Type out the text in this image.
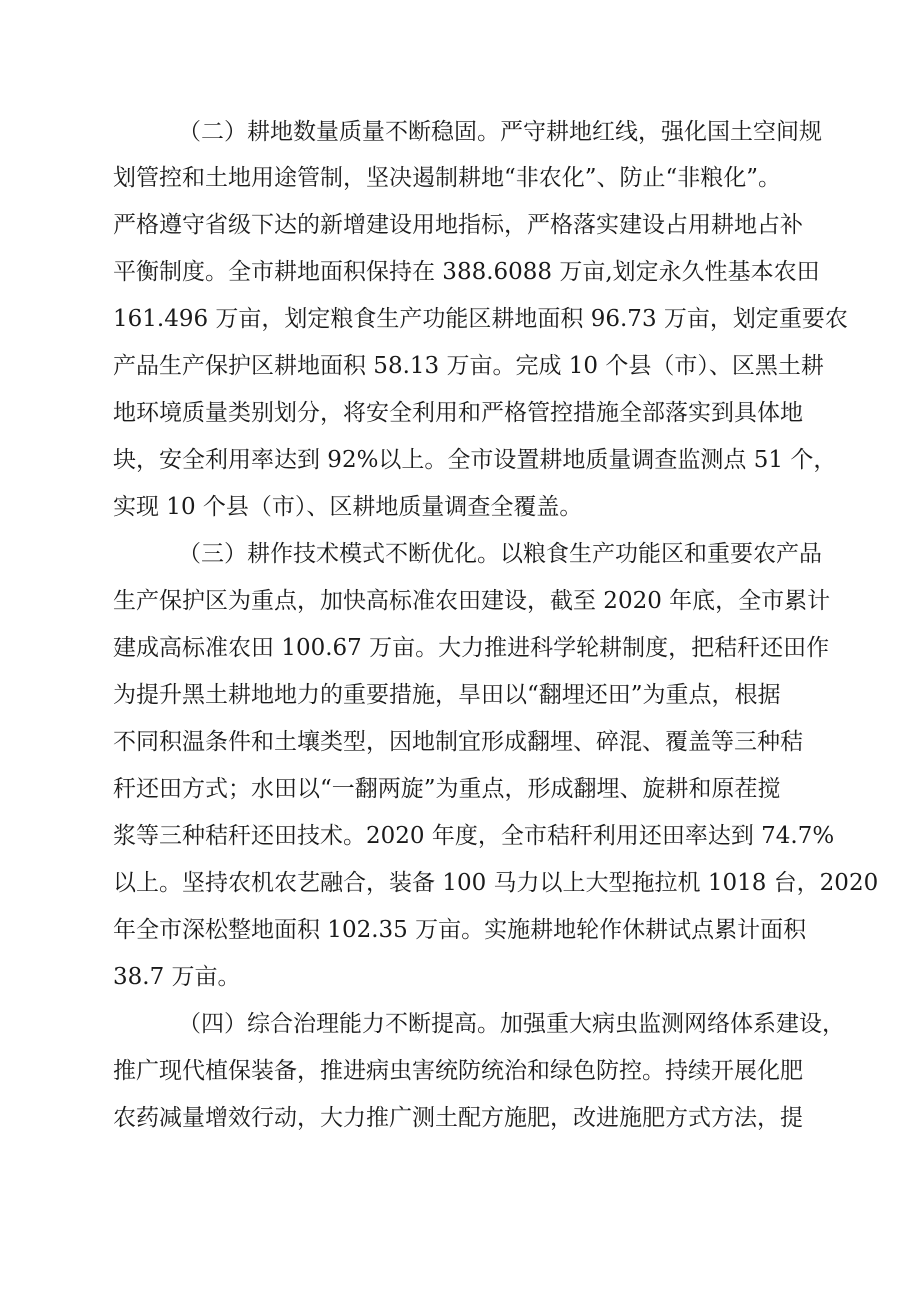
（二）耕地数量质量不断稳固。严守耕地红线，强化国土空间规

划管控和土地用途管制，坚决遏制耕地“非农化”、防止“非粮化”。

严格遵守省级下达的新增建设用地指标，严格落实建设占用耕地占补

平衡制度。全市耕地面积保持在 388.6088 万亩,划定永久性基本农田

161.496 万亩，划定粮食生产功能区耕地面积 96.73 万亩，划定重要农

产品生产保护区耕地面积 58.13 万亩。完成 10 个县（市）、区黑土耕

地环境质量类别划分，将安全利用和严格管控措施全部落实到具体地

块，安全利用率达到 92%以上。全市设置耕地质量调查监测点 51 个，

实现 10 个县（市）、区耕地质量调查全覆盖。

（三）耕作技术模式不断优化。以粮食生产功能区和重要农产品

生产保护区为重点，加快高标准农田建设，截至 2020 年底，全市累计

建成高标准农田 100.67 万亩。大力推进科学轮耕制度，把秸秆还田作

为提升黑土耕地地力的重要措施，旱田以“翻埋还田”为重点，根据

不同积温条件和土壤类型，因地制宜形成翻埋、碎混、覆盖等三种秸

秆还田方式；水田以“一翻两旋”为重点，形成翻埋、旋耕和原茬搅

浆等三种秸秆还田技术。2020 年度，全市秸秆利用还田率达到 74.7%

以上。坚持农机农艺融合，装备 100 马力以上大型拖拉机 1018 台，2020

年全市深松整地面积 102.35 万亩。实施耕地轮作休耕试点累计面积

38.7 万亩。

（四）综合治理能力不断提高。加强重大病虫监测网络体系建设，

推广现代植保装备，推进病虫害统防统治和绿色防控。持续开展化肥

农药减量增效行动，大力推广测土配方施肥，改进施肥方式方法，提
